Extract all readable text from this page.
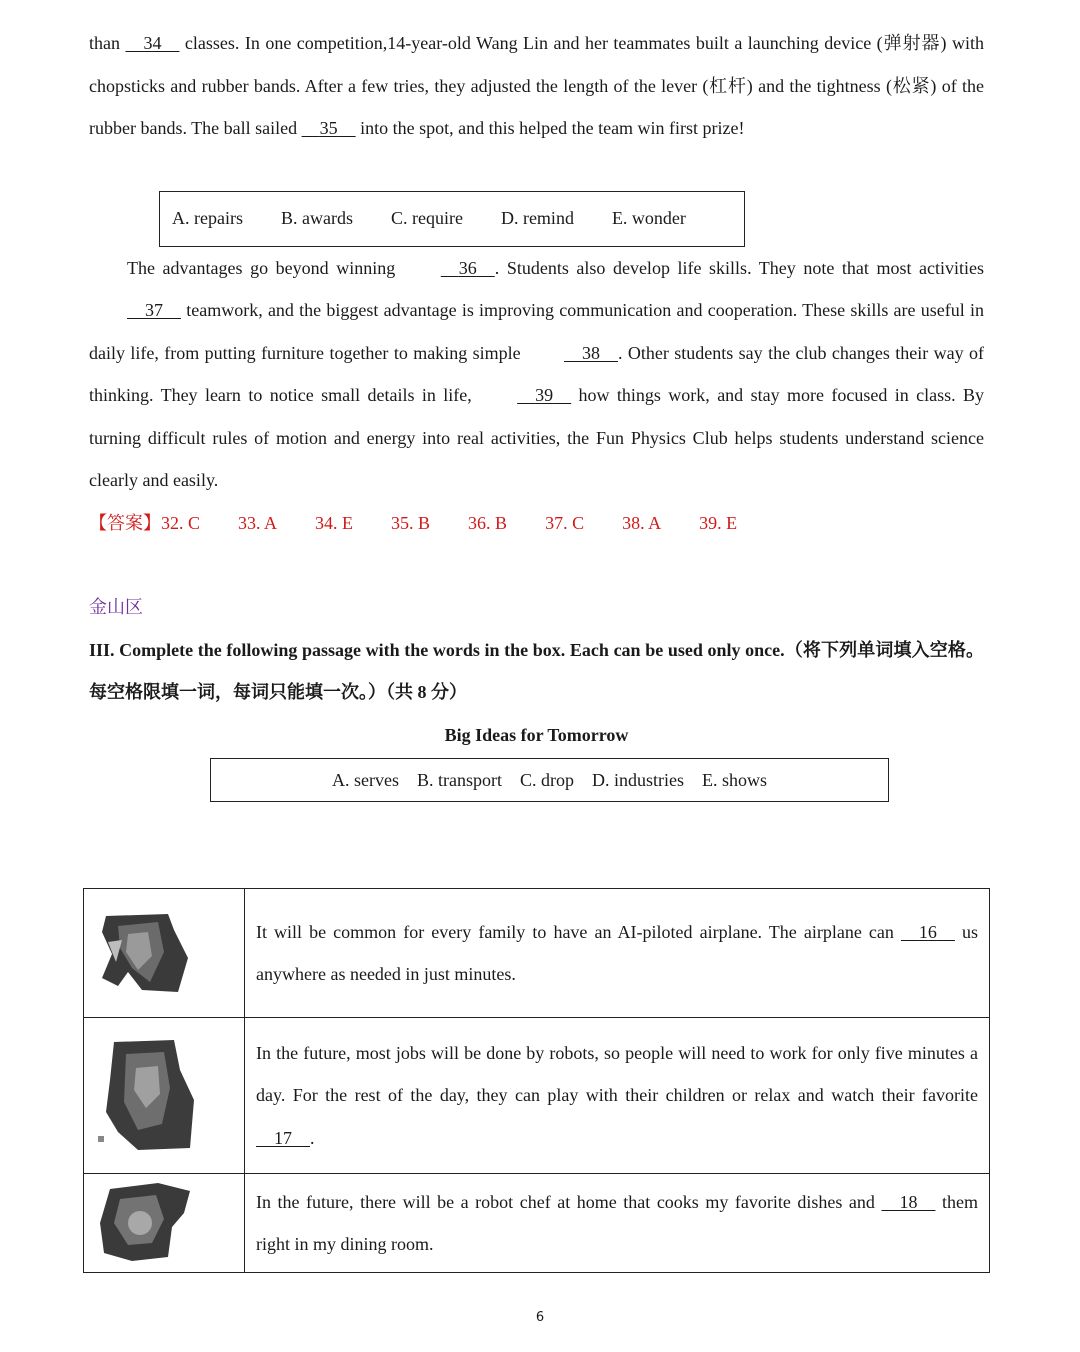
than     34     classes. In one competition,14-year-old Wang Lin and her teammates built a launching device (弹射器) with chopsticks and rubber bands. After a few tries, they adjusted the length of the lever (杠杆) and the tightness (松紧) of the rubber bands. The ball sailed     35     into the spot, and this helped the team win first prize!

A. repairs B. awards C. require D. remind E. wonder

The advantages go beyond winning	36 . Students also develop life skills. They note that most activities     37     teamwork, and the biggest advantage is improving communication and cooperation. These skills are useful in daily life, from putting furniture together to making simple	38 . Other students say the club changes their way of thinking. They learn to notice small details in life,	39     how things work, and stay more focused in class. By turning difficult rules of motion and energy into real activities, the Fun Physics Club helps students understand science clearly and easily.

【答案】32. C 33. A 34. E 35. B 36. B 37. C 38. A 39. E

金山区

III. Complete the following passage with the words in the box. Each can be used only once.（将下列单词填入空格。每空格限填一词，每词只能填一次。）（共 8 分）

Big Ideas for Tomorrow

A. serves B. transport C. drop D. industries E. shows
	It will be common for every family to have an AI-piloted airplane. The airplane can     16     us anywhere as needed in just minutes.

	In the future, most jobs will be done by robots, so people will need to work for only five minutes a day. For the rest of the day, they can play with their children or relax and watch their favorite     17 .

	In the future, there will be a robot chef at home that cooks my favorite dishes and     18     them right in my dining room.
6
